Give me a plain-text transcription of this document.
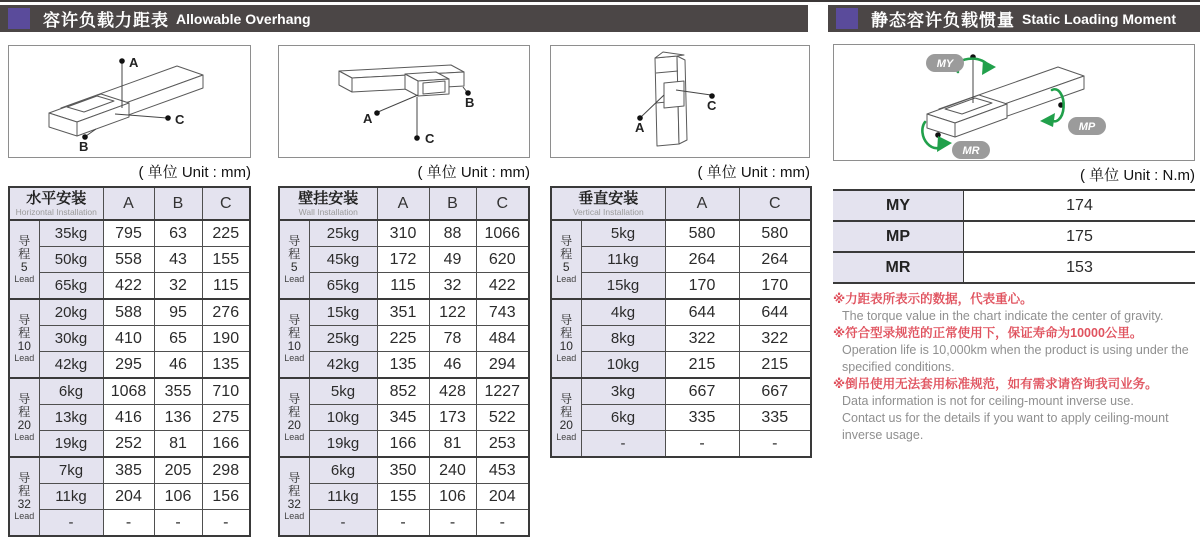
容许负载力距表 Allowable Overhang	静态容许负载惯量 Static Loading Moment
A
B
C
( 单位 Unit : mm)
水平安装
Horizontal Installation		A	B	C

导
程
5
Lead	35kg	795	63	225
	50kg	558	43	155
	65kg	422	32	115

导
程
10
Lead	20kg	588	95	276
	30kg	410	65	190
	42kg	295	46	135

导
程
20
Lead	6kg	1068	355	710
	13kg	416	136	275
	19kg	252	81	166

导
程
32
Lead	7kg	385	205	298
	11kg	204	106	156
	-	-	-	-
B
A
C
( 单位 Unit : mm)
壁挂安装
Wall Installation		A	B	C

导
程
5
Lead	25kg	310	88	1066
	45kg	172	49	620
	65kg	115	32	422

导
程
10
Lead	15kg	351	122	743
	25kg	225	78	484
	42kg	135	46	294

导
程
20
Lead	5kg	852	428	1227
	10kg	345	173	522
	19kg	166	81	253

导
程
32
Lead	6kg	350	240	453
	11kg	155	106	204
	-	-	-	-
A
C
( 单位 Unit : mm)
垂直安装
Vertical Installation		A	C

导
程
5
Lead	5kg	580	580
	11kg	264	264
	15kg	170	170

导
程
10
Lead	4kg	644	644
	8kg	322	322
	10kg	215	215

导
程
20
Lead	3kg	667	667
	6kg	335	335
	-	-	-
MY
MP
MR
( 单位 Unit : N.m)
MY	174
MP	175
MR	153
※力距表所表示的数据，代表重心。
The torque value in the chart indicate the center of gravity.
※符合型录规范的正常使用下，保证寿命为10000公里。
Operation life is 10,000km when the product is using under the
specified conditions.
※倒吊使用无法套用标准规范，如有需求请咨询我司业务。
Data information is not for ceiling-mount inverse use.
Contact us for the details if you want to apply ceiling-mount
inverse usage.
